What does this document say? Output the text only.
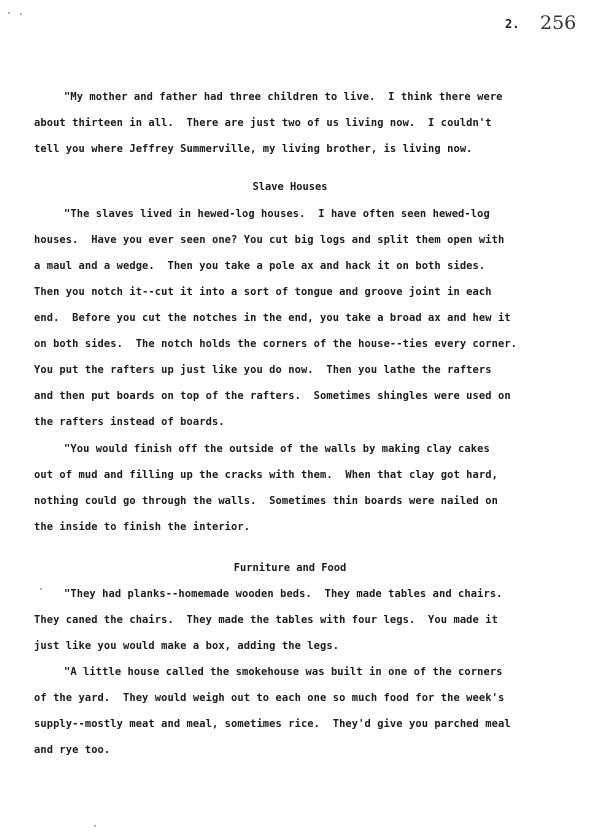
2. 256
"My mother and father had three children to live.  I think there were
about thirteen in all.  There are just two of us living now.  I couldn't
tell you where Jeffrey Summerville, my living brother, is living now.
Slave Houses
"The slaves lived in hewed-log houses.  I have often seen hewed-log
houses.  Have you ever seen one? You cut big logs and split them open with
a maul and a wedge.  Then you take a pole ax and hack it on both sides.
Then you notch it--cut it into a sort of tongue and groove joint in each
end.  Before you cut the notches in the end, you take a broad ax and hew it
on both sides.  The notch holds the corners of the house--ties every corner.
You put the rafters up just like you do now.  Then you lathe the rafters
and then put boards on top of the rafters.  Sometimes shingles were used on
the rafters instead of boards.
"You would finish off the outside of the walls by making clay cakes
out of mud and filling up the cracks with them.  When that clay got hard,
nothing could go through the walls.  Sometimes thin boards were nailed on
the inside to finish the interior.
Furniture and Food
"They had planks--homemade wooden beds.  They made tables and chairs.
They caned the chairs.  They made the tables with four legs.  You made it
just like you would make a box, adding the legs.
"A little house called the smokehouse was built in one of the corners
of the yard.  They would weigh out to each one so much food for the week's
supply--mostly meat and meal, sometimes rice.  They'd give you parched meal
and rye too.
